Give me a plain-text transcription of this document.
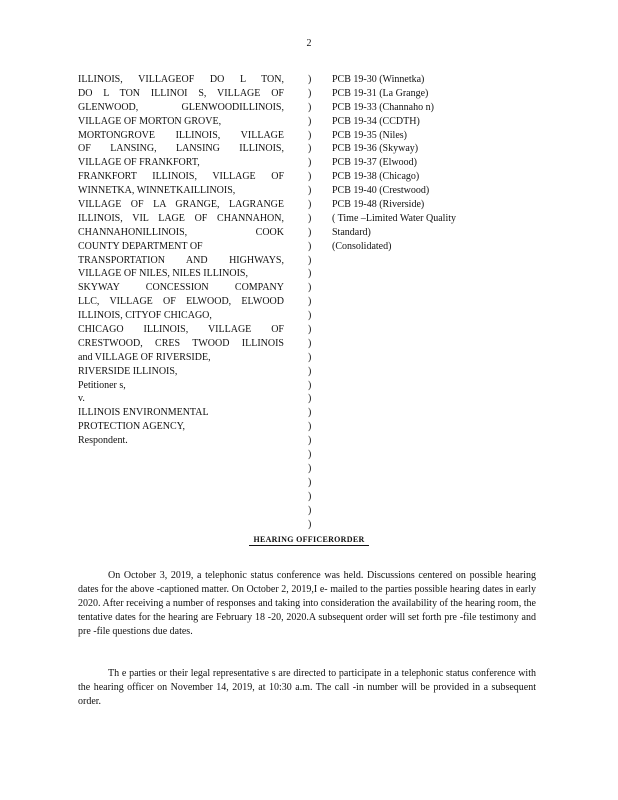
2
ILLINOIS, VILLAGEOF DO L TON,
DO L TON ILLINOI S, VILLAGE OF
GLENWOOD, GLENWOODILLINOIS,
VILLAGE OF MORTON GROVE,
MORTONGROVE ILLINOIS, VILLAGE
OF LANSING, LANSING ILLINOIS,
VILLAGE OF FRANKFORT,
FRANKFORT ILLINOIS, VILLAGE OF
WINNETKA, WINNETKAILLINOIS,
VILLAGE OF LA GRANGE, LAGRANGE
ILLINOIS, VIL LAGE OF CHANNAHON,
CHANNAHONILLINOIS, COOK
COUNTY DEPARTMENT OF
TRANSPORTATION AND HIGHWAYS,
VILLAGE OF NILES, NILES ILLINOIS,
SKYWAY CONCESSION COMPANY
LLC, VILLAGE OF ELWOOD, ELWOOD
ILLINOIS, CITYOF CHICAGO,
CHICAGO ILLINOIS, VILLAGE OF
CRESTWOOD, CRES TWOOD ILLINOIS
and VILLAGE OF RIVERSIDE,
RIVERSIDE ILLINOIS,
Petitioner s,
v.
ILLINOIS ENVIRONMENTAL
PROTECTION AGENCY,
Respondent.
)
)
)
)
)
)
)
)
)
)
)
)
)
)
)
)
)
)
)
)
)
)
)
)
)
)
)
)
)
)
)
)
)
PCB 19-30 (Winnetka)
PCB 19-31 (La Grange)
PCB 19-33 (Channaho n)
PCB 19-34 (CCDTH)
PCB 19-35 (Niles)
PCB 19-36 (Skyway)
PCB 19-37 (Elwood)
PCB 19-38 (Chicago)
PCB 19-40 (Crestwood)
PCB 19-48 (Riverside)
( Time –Limited Water Quality
Standard)
(Consolidated)
HEARING OFFICERORDER

On October 3, 2019, a telephonic status conference was held. Discussions centered on possible hearing dates for the above -captioned matter. On October 2, 2019,I e- mailed to the parties possible hearing dates in early 2020. After receiving a number of responses and taking into consideration the availability of the hearing room, the tentative dates for the hearing are February 18 -20, 2020.A subsequent order will set forth pre -file testimony and pre -file questions due dates.

Th e parties or their legal representative s are directed to participate in a telephonic status conference with the hearing officer on November 14, 2019, at 10:30 a.m. The call -in number will be provided in a subsequent order.
